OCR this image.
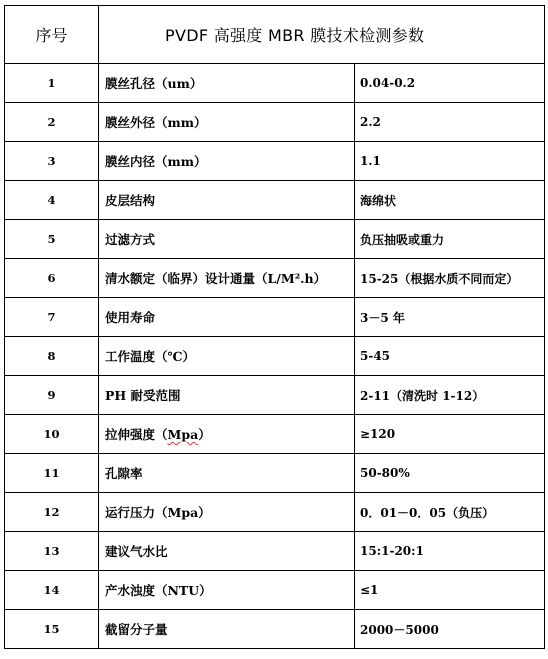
序号	PVDF 高强度 MBR 膜技术检测参数	
1	膜丝孔径（um）	0.04-0.2
2	膜丝外径（mm）	2.2
3	膜丝内径（mm）	1.1
4	皮层结构	海绵状
5	过滤方式	负压抽吸或重力
6	清水额定（临界）设计通量（L/M².h）	15-25（根据水质不同而定）
7	使用寿命	3－5 年
8	工作温度（℃）	5-45
9	PH 耐受范围	2-11（清洗时 1-12）
10	拉伸强度（Mpa）	≥120
11	孔隙率	50-80%
12	运行压力（Mpa）	0．01－0．05（负压）
13	建议气水比	15:1-20:1
14	产水浊度（NTU）	≤1
15	截留分子量	2000－5000
